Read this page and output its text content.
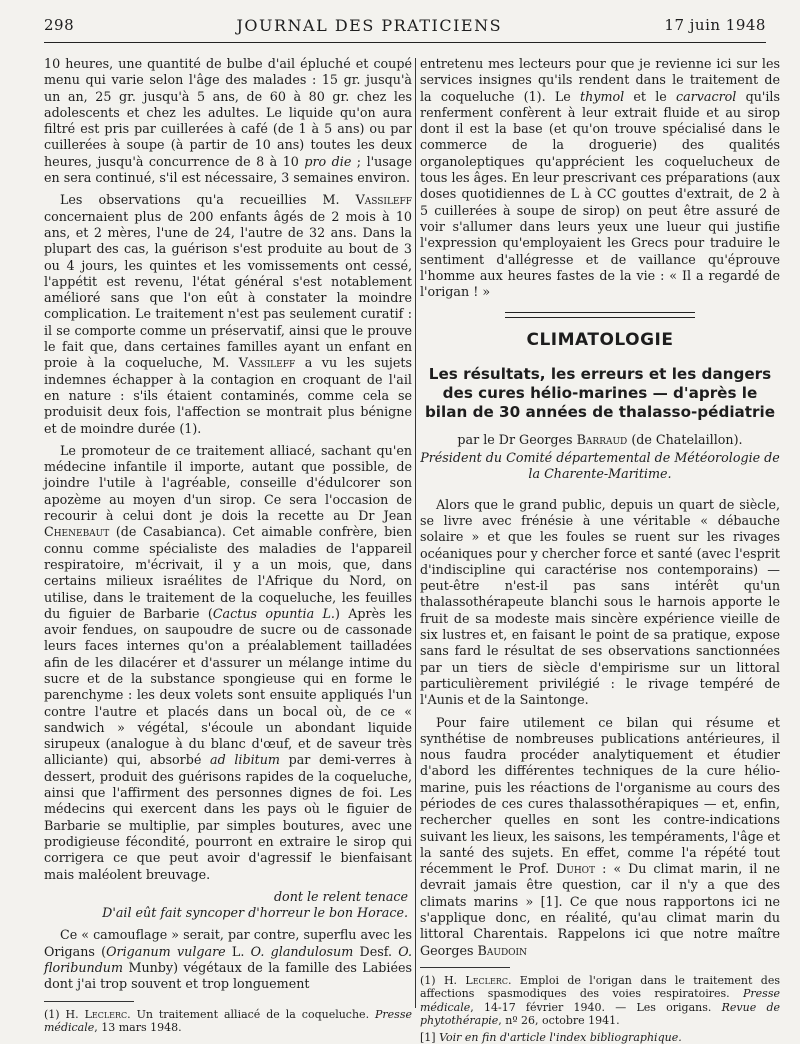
298	JOURNAL DES PRATICIENS	17 juin 1948

10 heures, une quantité de bulbe d'ail épluché et coupé menu qui varie selon l'âge des malades : 15 gr. jusqu'à un an, 25 gr. jusqu'à 5 ans, de 60 à 80 gr. chez les adolescents et chez les adultes. Le liquide qu'on aura filtré est pris par cuillerées à café (de 1 à 5 ans) ou par cuillerées à soupe (à partir de 10 ans) toutes les deux heures, jusqu'à concurrence de 8 à 10 pro die ; l'usage en sera continué, s'il est nécessaire, 3 semaines environ.

Les observations qu'a recueillies M. Vassileff concernaient plus de 200 enfants âgés de 2 mois à 10 ans, et 2 mères, l'une de 24, l'autre de 32 ans. Dans la plupart des cas, la guérison s'est produite au bout de 3 ou 4 jours, les quintes et les vomissements ont cessé, l'appétit est revenu, l'état général s'est notablement amélioré sans que l'on eût à constater la moindre complication. Le traitement n'est pas seulement curatif : il se comporte comme un préservatif, ainsi que le prouve le fait que, dans certaines familles ayant un enfant en proie à la coqueluche, M. Vassileff a vu les sujets indemnes échapper à la contagion en croquant de l'ail en nature : s'ils étaient contaminés, comme cela se produisit deux fois, l'affection se montrait plus bénigne et de moindre durée (1).

Le promoteur de ce traitement alliacé, sachant qu'en médecine infantile il importe, autant que possible, de joindre l'utile à l'agréable, conseille d'édulcorer son apozème au moyen d'un sirop. Ce sera l'occasion de recourir à celui dont je dois la recette au Dr Jean Chenebaut (de Casabianca). Cet aimable confrère, bien connu comme spécialiste des maladies de l'appareil respiratoire, m'écrivait, il y a un mois, que, dans certains milieux israélites de l'Afrique du Nord, on utilise, dans le traitement de la coqueluche, les feuilles du figuier de Barbarie (Cactus opuntia L.) Après les avoir fendues, on saupoudre de sucre ou de cassonade leurs faces internes qu'on a préalablement tailladées afin de les dilacérer et d'assurer un mélange intime du sucre et de la substance spongieuse qui en forme le parenchyme : les deux volets sont ensuite appliqués l'un contre l'autre et placés dans un bocal où, de ce « sandwich » végétal, s'écoule un abondant liquide sirupeux (analogue à du blanc d'œuf, et de saveur très alliciante) qui, absorbé ad libitum par demi-verres à dessert, produit des guérisons rapides de la coqueluche, ainsi que l'affirment des personnes dignes de foi. Les médecins qui exercent dans les pays où le figuier de Barbarie se multiplie, par simples boutures, avec une prodigieuse fécondité, pourront en extraire le sirop qui corrigera ce que peut avoir d'agressif le bienfaisant mais maléolent breuvage.

dont le relent tenace
D'ail eût fait syncoper d'horreur le bon Horace.

Ce « camouflage » serait, par contre, superflu avec les Origans (Origanum vulgare L. O. glandulosum Desf. O. floribundum Munby) végétaux de la famille des Labiées dont j'ai trop souvent et trop longuement

(1) H. Leclerc. Un traitement alliacé de la coqueluche. Presse médicale, 13 mars 1948.

entretenu mes lecteurs pour que je revienne ici sur les services insignes qu'ils rendent dans le traitement de la coqueluche (1). Le thymol et le carvacrol qu'ils renferment confèrent à leur extrait fluide et au sirop dont il est la base (et qu'on trouve spécialisé dans le commerce de la droguerie) des qualités organoleptiques qu'apprécient les coquelucheux de tous les âges. En leur prescrivant ces préparations (aux doses quotidiennes de L à CC gouttes d'extrait, de 2 à 5 cuillerées à soupe de sirop) on peut être assuré de voir s'allumer dans leurs yeux une lueur qui justifie l'expression qu'employaient les Grecs pour traduire le sentiment d'allégresse et de vaillance qu'éprouve l'homme aux heures fastes de la vie : « Il a regardé de l'origan ! »

CLIMATOLOGIE
Les résultats, les erreurs et les dangers des cures hélio-marines — d'après le bilan de 30 années de thalasso-pédiatrie

par le Dr Georges Barraud (de Chatelaillon).

Président du Comité départemental de Météorologie de la Charente-Maritime.

Alors que le grand public, depuis un quart de siècle, se livre avec frénésie à une véritable « débauche solaire » et que les foules se ruent sur les rivages océaniques pour y chercher force et santé (avec l'esprit d'indiscipline qui caractérise nos contemporains) — peut-être n'est-il pas sans intérêt qu'un thalassothérapeute blanchi sous le harnois apporte le fruit de sa modeste mais sincère expérience vieille de six lustres et, en faisant le point de sa pratique, expose sans fard le résultat de ses observations sanctionnées par un tiers de siècle d'empirisme sur un littoral particulièrement privilégié : le rivage tempéré de l'Aunis et de la Saintonge.

Pour faire utilement ce bilan qui résume et synthétise de nombreuses publications antérieures, il nous faudra procéder analytiquement et étudier d'abord les différentes techniques de la cure hélio-marine, puis les réactions de l'organisme au cours des périodes de ces cures thalassothérapiques — et, enfin, rechercher quelles en sont les contre-indications suivant les lieux, les saisons, les tempéraments, l'âge et la santé des sujets. En effet, comme l'a répété tout récemment le Prof. Duhot : « Du climat marin, il ne devrait jamais être question, car il n'y a que des climats marins » [1]. Ce que nous rapportons ici ne s'applique donc, en réalité, qu'au climat marin du littoral Charentais. Rappelons ici que notre maître Georges Baudoin

(1) H. Leclerc. Emploi de l'origan dans le traitement des affections spasmodiques des voies respiratoires. Presse médicale, 14-17 février 1940. — Les origans. Revue de phytothérapie, nº 26, octobre 1941.

[1] Voir en fin d'article l'index bibliographique.
